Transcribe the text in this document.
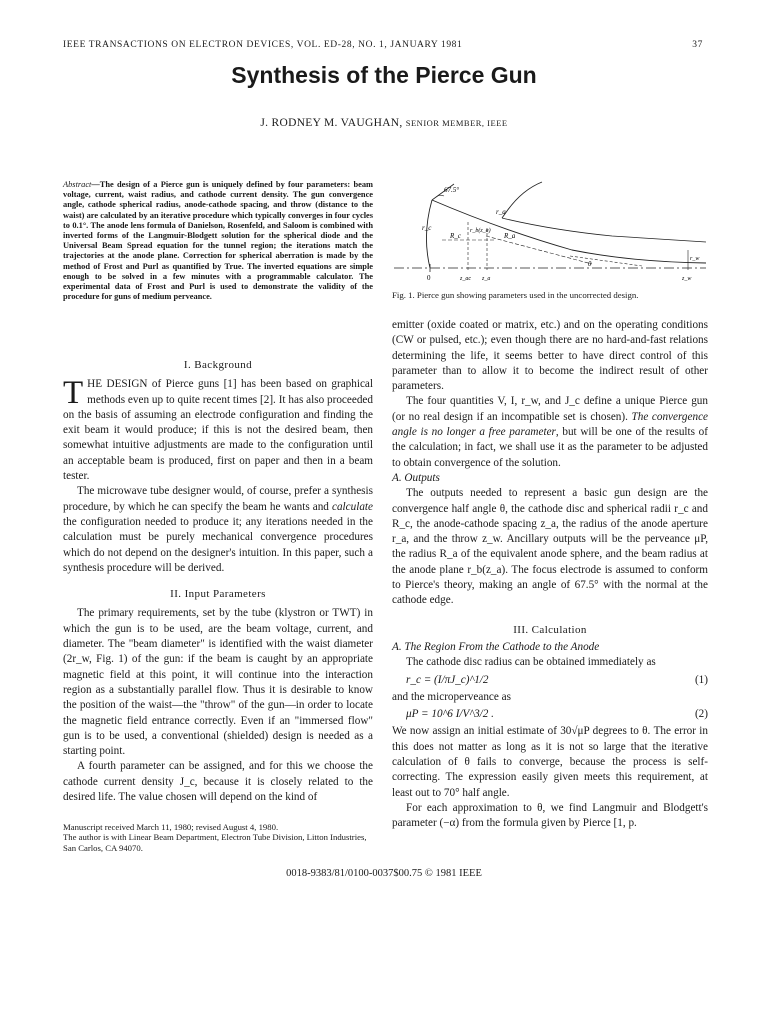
IEEE TRANSACTIONS ON ELECTRON DEVICES, VOL. ED-28, NO. 1, JANUARY 1981	37
Synthesis of the Pierce Gun
J. RODNEY M. VAUGHAN, SENIOR MEMBER, IEEE
Abstract—The design of a Pierce gun is uniquely defined by four parameters: beam voltage, current, waist radius, and cathode current density. The gun convergence angle, cathode spherical radius, anode-cathode spacing, and throw (distance to the waist) are calculated by an iterative procedure which typically converges in four cycles to 0.1°. The anode lens formula of Danielson, Rosenfeld, and Saloom is combined with inverted forms of the Langmuir-Blodgett solution for the spherical diode and the Universal Beam Spread equation for the tunnel region; the iterations match the trajectories at the anode plane. Correction for spherical aberration is made by the method of Frost and Purl as quantified by True. The inverted equations are simple enough to be solved in a few minutes with a programmable calculator. The experimental data of Frost and Purl is used to demonstrate the validity of the procedure for guns of medium perveance.

I. Background

THE DESIGN of Pierce guns [1] has been based on graphical methods even up to quite recent times [2]. It has also proceeded on the basis of assuming an electrode configuration and finding the exit beam it would produce; if this is not the desired beam, then somewhat intuitive adjustments are made to the configuration until an acceptable beam is produced, first on paper and then in a beam tester.

The microwave tube designer would, of course, prefer a synthesis procedure, by which he can specify the beam he wants and calculate the configuration needed to produce it; any iterations needed in the calculation must be purely mechanical convergence procedures which do not depend on the designer's intuition. In this paper, such a synthesis procedure will be derived.

II. Input Parameters

The primary requirements, set by the tube (klystron or TWT) in which the gun is to be used, are the beam voltage, current, and diameter. The "beam diameter" is identified with the waist diameter (2r_w, Fig. 1) of the gun: if the beam is caught by an appropriate magnetic field at this point, it will continue into the interaction region as a substantially parallel flow. Thus it is desirable to know the position of the waist—the "throw" of the gun—in order to locate the magnetic field entrance correctly. Even if an "immersed flow" gun is to be used, a conventional (shielded) design is needed as a starting point.

A fourth parameter can be assigned, and for this we choose the cathode current density J_c, because it is closely related to the desired life. The value chosen will depend on the kind of

Manuscript received March 11, 1980; revised August 4, 1980.
The author is with Linear Beam Department, Electron Tube Division, Litton Industries, San Carlos, CA 94070.
67.5°
r_c	r_b(z_a)
R_c	R_a
r_a
θ
r_w
0	z_ac z_a	z_w
Fig. 1. Pierce gun showing parameters used in the uncorrected design.

emitter (oxide coated or matrix, etc.) and on the operating conditions (CW or pulsed, etc.); even though there are no hard-and-fast relations determining the life, it seems better to have direct control of this parameter than to allow it to become the indirect result of other parameters.

The four quantities V, I, r_w, and J_c define a unique Pierce gun (or no real design if an incompatible set is chosen). The convergence angle is no longer a free parameter, but will be one of the results of the calculation; in fact, we shall use it as the parameter to be adjusted to obtain convergence of the solution.

A. Outputs

The outputs needed to represent a basic gun design are the convergence half angle θ, the cathode disc and spherical radii r_c and R_c, the anode-cathode spacing z_a, the radius of the anode aperture r_a, and the throw z_w. Ancillary outputs will be the perveance μP, the radius R_a of the equivalent anode sphere, and the beam radius at the anode plane r_b(z_a). The focus electrode is assumed to conform to Pierce's theory, making an angle of 67.5° with the normal at the cathode edge.

III. Calculation

A. The Region From the Cathode to the Anode

The cathode disc radius can be obtained immediately as

r_c = (I/πJ_c)^1/2	(1)

and the microperveance as

μP = 10^6 I/V^3/2 .	(2)

We now assign an initial estimate of 30√μP degrees to θ. The error in this does not matter as long as it is not so large that the iterative calculation of θ fails to converge, because the process is self-correcting. The expression easily given meets this requirement, at least out to 70° half angle.

For each approximation to θ, we find Langmuir and Blodgett's parameter (−α) from the formula given by Pierce [1, p.

0018-9383/81/0100-0037$00.75 © 1981 IEEE
